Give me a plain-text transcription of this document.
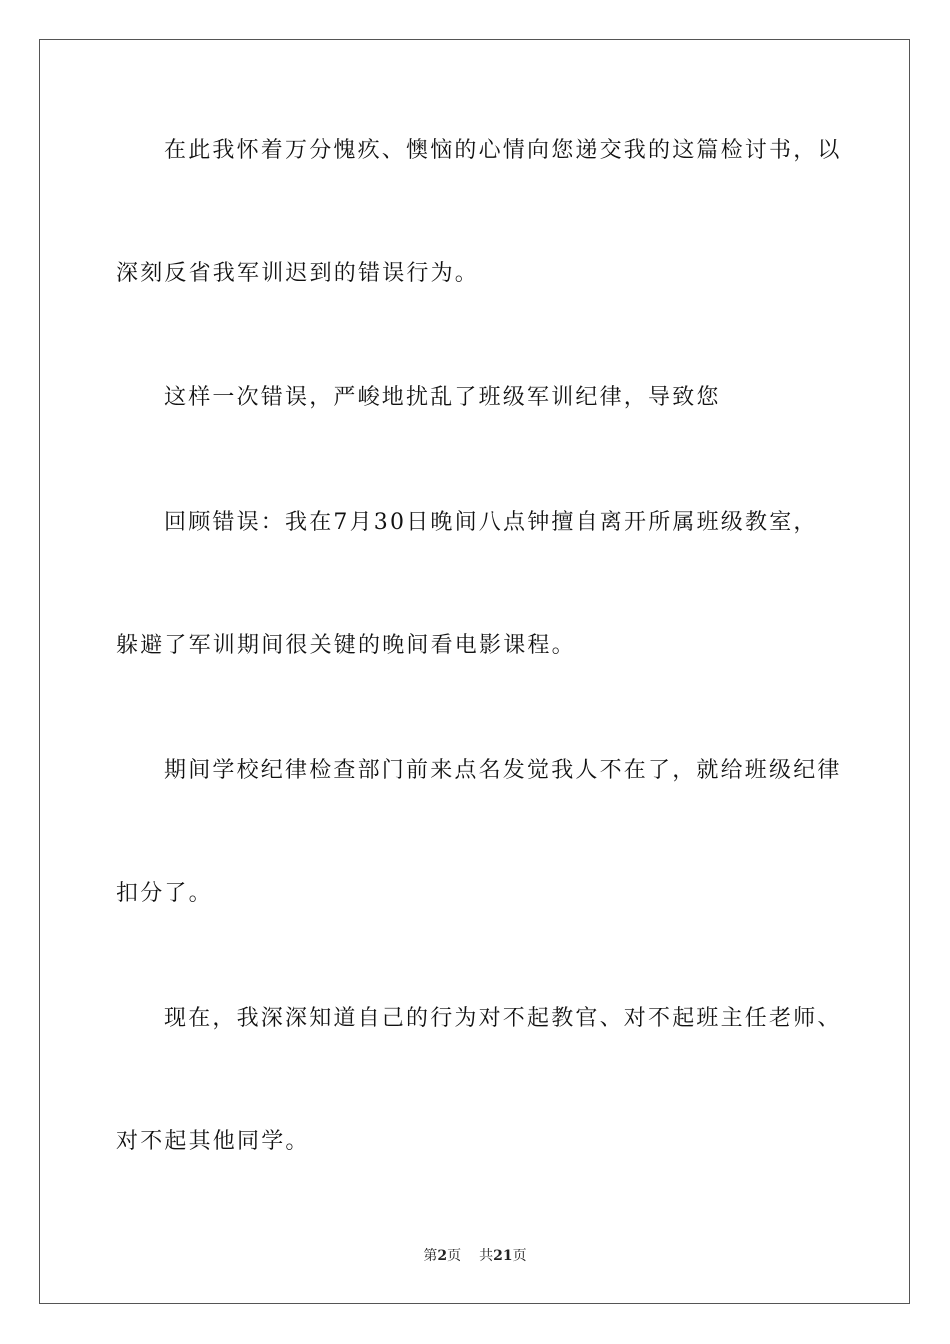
在此我怀着万分愧疚、懊恼的心情向您递交我的这篇检讨书，以
深刻反省我军训迟到的错误行为。
这样一次错误，严峻地扰乱了班级军训纪律，导致您
回顾错误：我在7月30日晚间八点钟擅自离开所属班级教室，
躲避了军训期间很关键的晚间看电影课程。
期间学校纪律检查部门前来点名发觉我人不在了，就给班级纪律
扣分了。
现在，我深深知道自己的行为对不起教官、对不起班主任老师、
对不起其他同学。
第2页 共21页
